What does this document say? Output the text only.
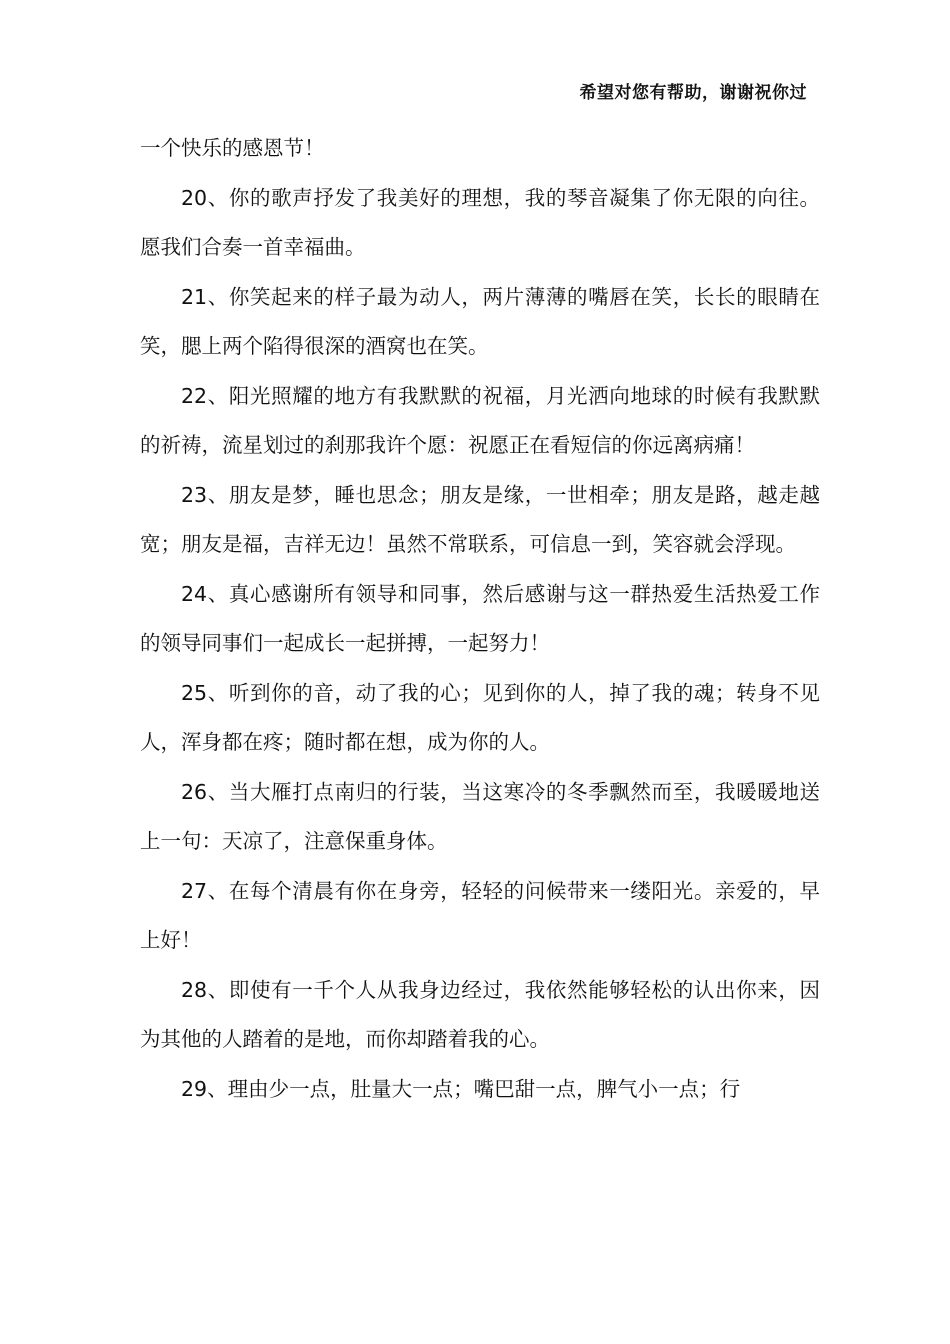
希望对您有帮助，谢谢祝你过

一个快乐的感恩节！

20、你的歌声抒发了我美好的理想，我的琴音凝集了你无限的向往。愿我们合奏一首幸福曲。

21、你笑起来的样子最为动人，两片薄薄的嘴唇在笑，长长的眼睛在笑，腮上两个陷得很深的酒窝也在笑。

22、阳光照耀的地方有我默默的祝福，月光洒向地球的时候有我默默的祈祷，流星划过的刹那我许个愿：祝愿正在看短信的你远离病痛！

23、朋友是梦，睡也思念；朋友是缘，一世相牵；朋友是路，越走越宽；朋友是福，吉祥无边！虽然不常联系，可信息一到，笑容就会浮现。

24、真心感谢所有领导和同事，然后感谢与这一群热爱生活热爱工作的领导同事们一起成长一起拼搏，一起努力！

25、听到你的音，动了我的心；见到你的人，掉了我的魂；转身不见人，浑身都在疼；随时都在想，成为你的人。

26、当大雁打点南归的行装，当这寒冷的冬季飘然而至，我暖暖地送上一句：天凉了，注意保重身体。

27、在每个清晨有你在身旁，轻轻的问候带来一缕阳光。亲爱的，早上好！

28、即使有一千个人从我身边经过，我依然能够轻松的认出你来，因为其他的人踏着的是地，而你却踏着我的心。

29、理由少一点，肚量大一点；嘴巴甜一点，脾气小一点；行
